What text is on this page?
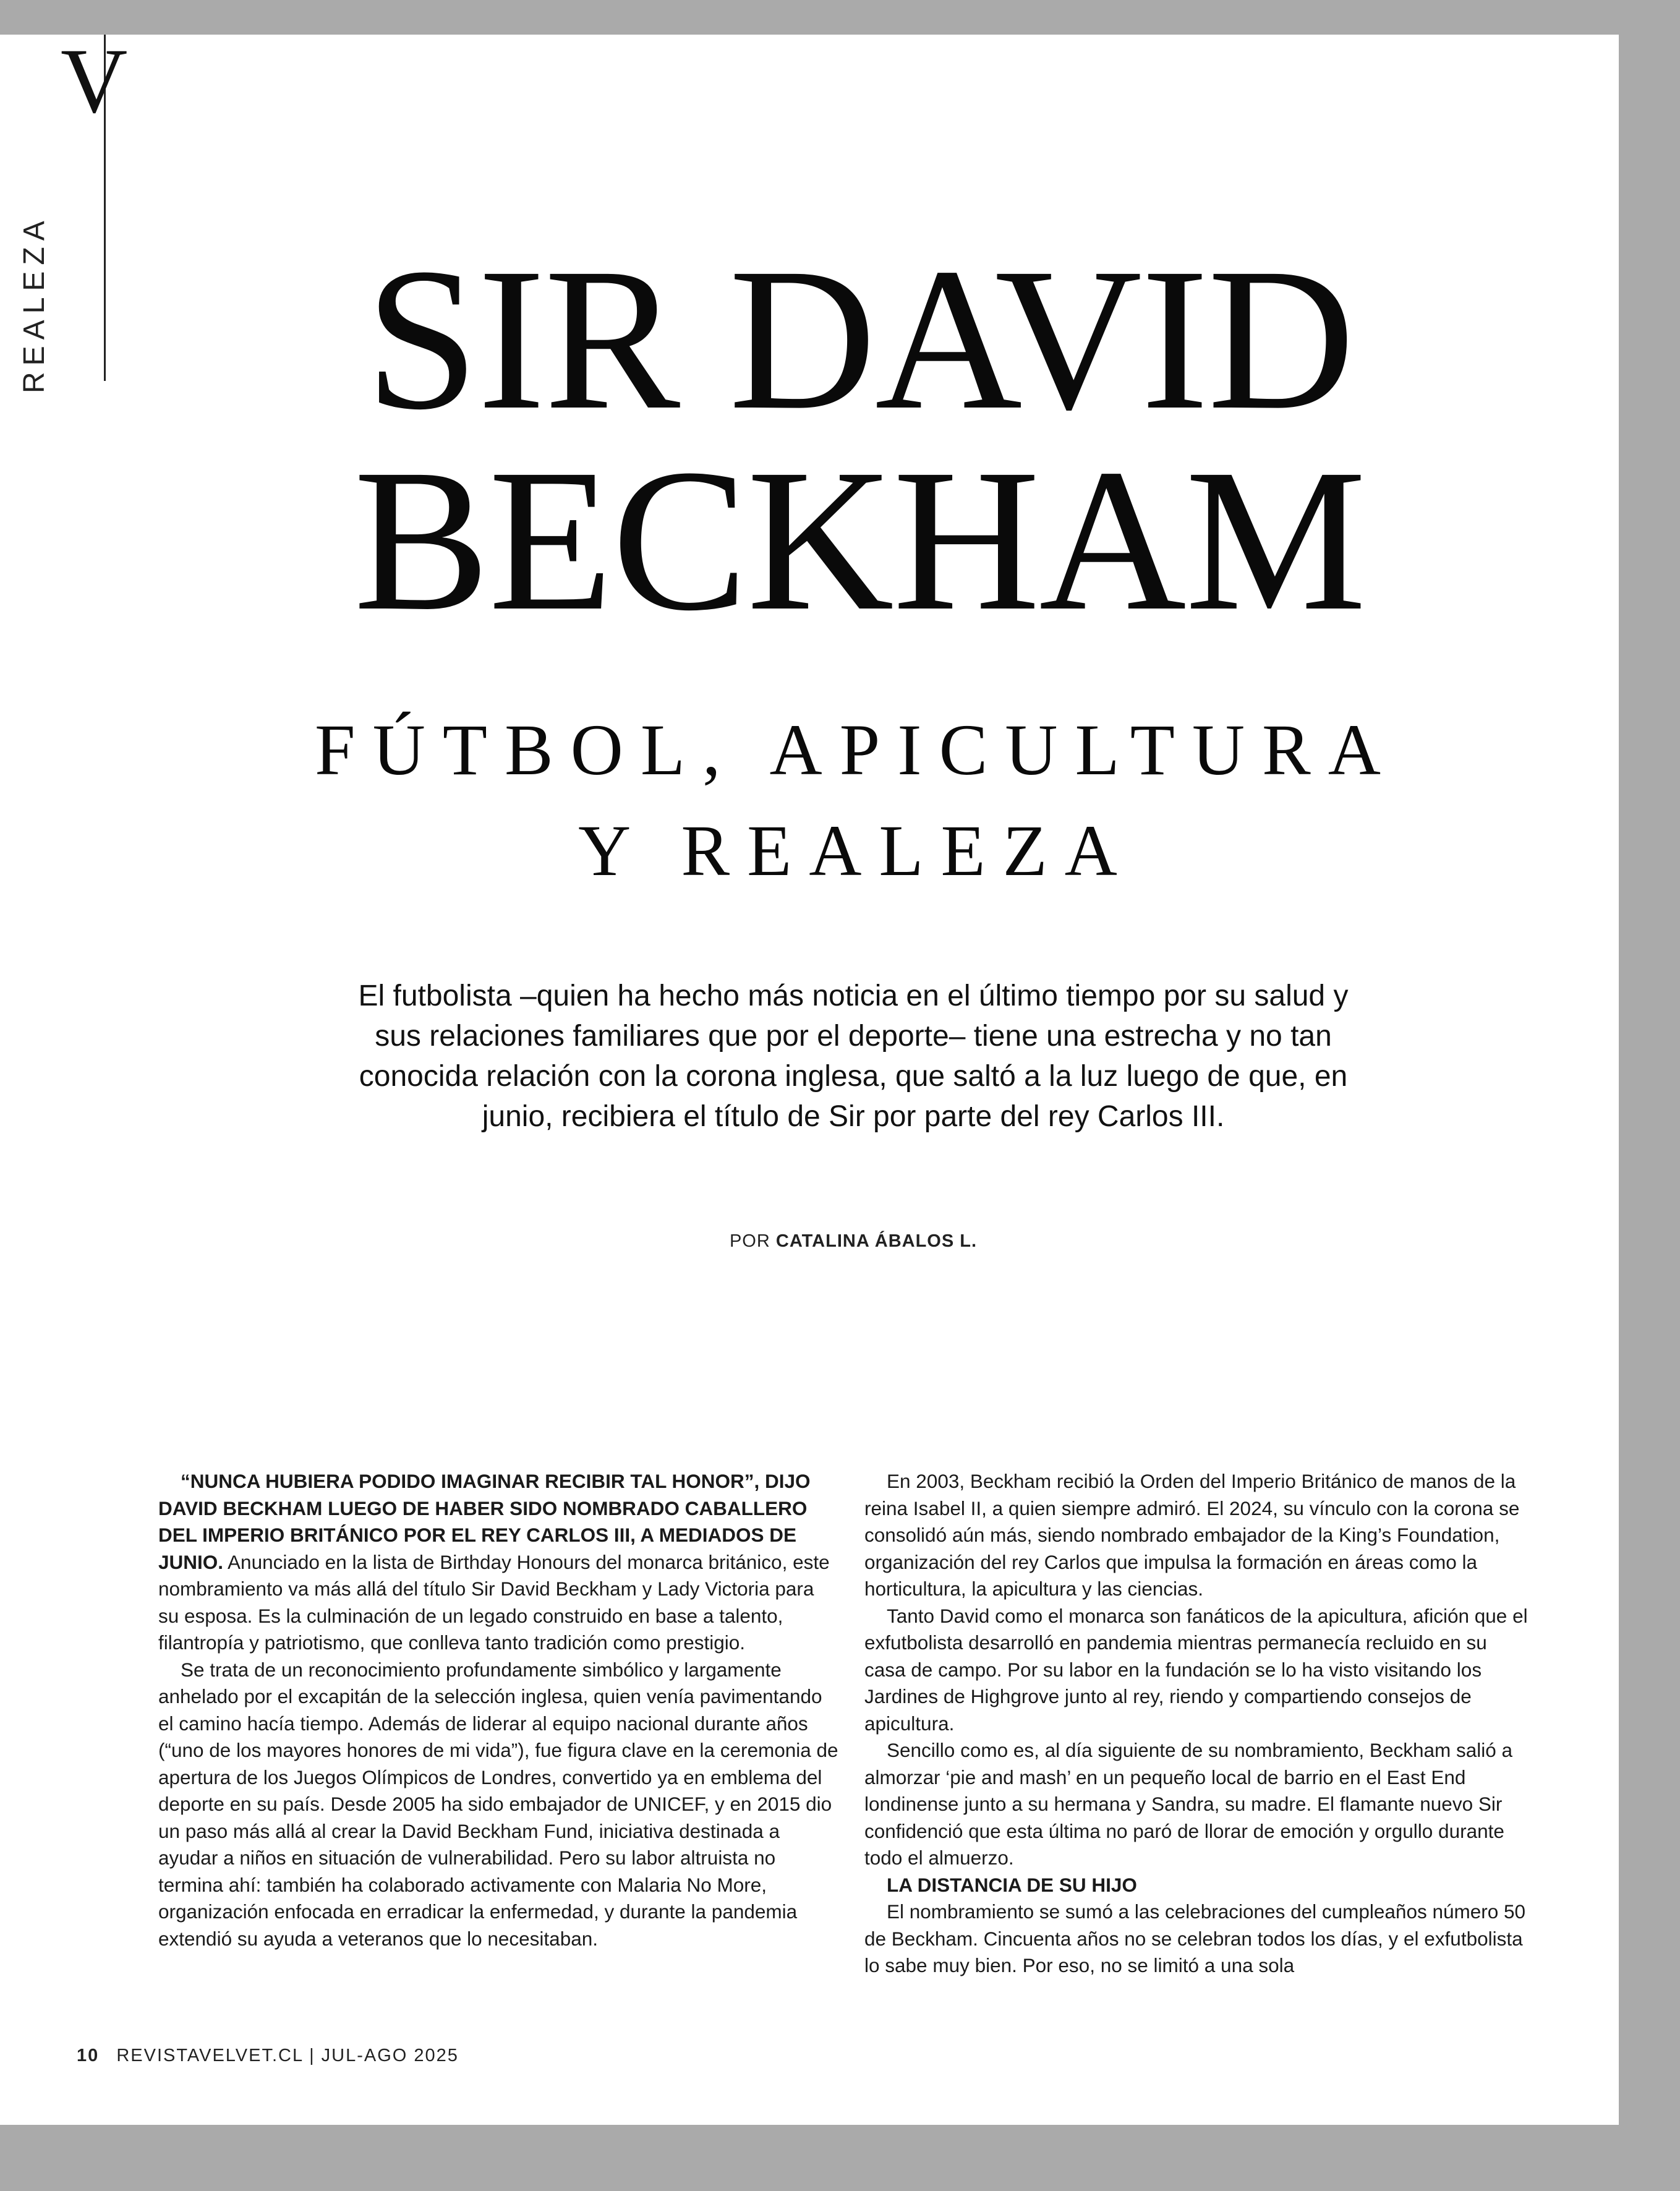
V
REALEZA	SIR DAVID
BECKHAM
FÚTBOL, APICULTURA
Y REALEZA
El futbolista –quien ha hecho más noticia en el último tiempo por su salud y sus relaciones familiares que por el deporte– tiene una estrecha y no tan conocida relación con la corona inglesa, que saltó a la luz luego de que, en junio, recibiera el título de Sir por parte del rey Carlos III.
POR CATALINA ÁBALOS L.

“NUNCA HUBIERA PODIDO IMAGINAR RECIBIR TAL HONOR”, DIJO DAVID BECKHAM LUEGO DE HABER SIDO NOMBRADO CABALLERO DEL IMPERIO BRITÁNICO POR EL REY CARLOS III, A MEDIADOS DE JUNIO. Anunciado en la lista de Birthday Honours del monarca británico, este nombramiento va más allá del título Sir David Beckham y Lady Victoria para su esposa. Es la culminación de un legado construido en base a talento, filantropía y patriotismo, que conlleva tanto tradición como prestigio.

Se trata de un reconocimiento profundamente simbólico y largamente anhelado por el excapitán de la selección inglesa, quien venía pavimentando el camino hacía tiempo. Además de liderar al equipo nacional durante años (“uno de los mayores honores de mi vida”), fue figura clave en la ceremonia de apertura de los Juegos Olímpicos de Londres, convertido ya en emblema del deporte en su país. Desde 2005 ha sido embajador de UNICEF, y en 2015 dio un paso más allá al crear la David Beckham Fund, iniciativa destinada a ayudar a niños en situación de vulnerabilidad. Pero su labor altruista no termina ahí: también ha colaborado activamente con Malaria No More, organización enfocada en erradicar la enfermedad, y durante la pandemia extendió su ayuda a veteranos que lo necesitaban.

En 2003, Beckham recibió la Orden del Imperio Británico de manos de la reina Isabel II, a quien siempre admiró. El 2024, su vínculo con la corona se consolidó aún más, siendo nombrado embajador de la King’s Foundation, organización del rey Carlos que impulsa la formación en áreas como la horticultura, la apicultura y las ciencias.

Tanto David como el monarca son fanáticos de la apicultura, afición que el exfutbolista desarrolló en pandemia mientras permanecía recluido en su casa de campo. Por su labor en la fundación se lo ha visto visitando los Jardines de Highgrove junto al rey, riendo y compartiendo consejos de apicultura.

Sencillo como es, al día siguiente de su nombramiento, Beckham salió a almorzar ‘pie and mash’ en un pequeño local de barrio en el East End londinense junto a su hermana y Sandra, su madre. El flamante nuevo Sir confidenció que esta última no paró de llorar de emoción y orgullo durante todo el almuerzo.

LA DISTANCIA DE SU HIJO

El nombramiento se sumó a las celebraciones del cumpleaños número 50 de Beckham. Cincuenta años no se celebran todos los días, y el exfutbolista lo sabe muy bien. Por eso, no se limitó a una sola

10 REVISTAVELVET.CL | JUL-AGO 2025
